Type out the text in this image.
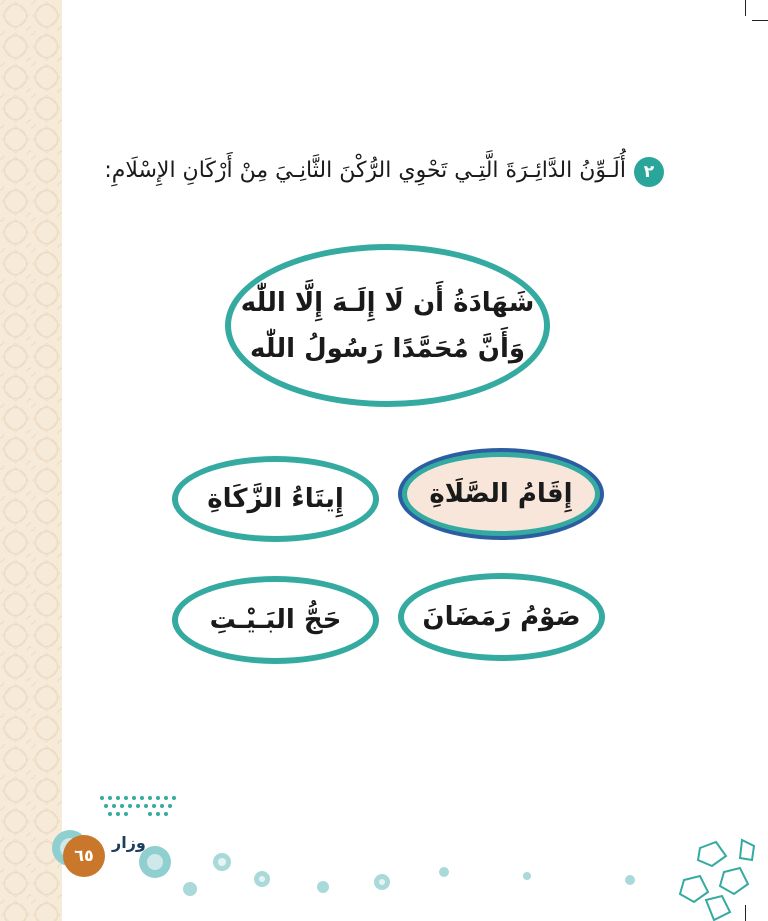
٢
أُلَـوِّنُ الدَّائِـرَةَ الَّتِـي تَحْوِي الرُّكْنَ الثَّانِـيَ مِنْ أَرْكَانِ الإِسْلَامِ:
شَهَادَةُ أَن لَا إِلَـهَ إِلَّا اللّٰه
وَأَنَّ مُحَمَّدًا رَسُولُ اللّٰه
إِقَامُ الصَّلَاةِ
إِيتَاءُ الزَّكَاةِ
صَوْمُ رَمَضَانَ
حَجُّ البَـيْـتِ
وزار
٦٥
